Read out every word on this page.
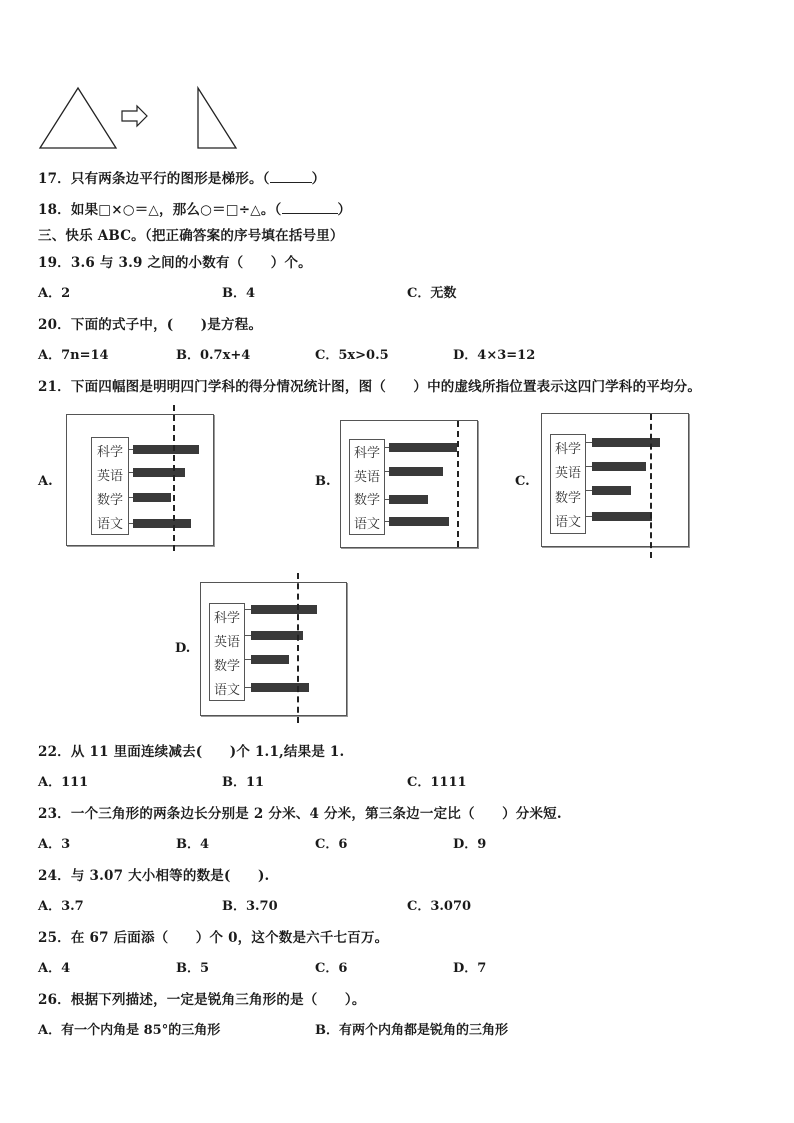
17．只有两条边平行的图形是梯形。（	）
18．如果□×○＝△，那么○＝□÷△。（	）
三、快乐 ABC。（把正确答案的序号填在括号里）
19．3.6 与 3.9 之间的小数有（　　）个。
A．2	B．4	C．无数
20．下面的式子中，(　　)是方程。
A．7n=14	B．0.7x+4	C．5x>0.5	D．4×3=12
21．下面四幅图是明明四门学科的得分情况统计图，图（　　）中的虚线所指位置表示这四门学科的平均分。
A.
科学
英语
数学
语文
B.
科学
英语
数学
语文
C.
科学
英语
数学
语文
D.
科学
英语
数学
语文
22．从 11 里面连续减去(　　)个 1.1,结果是 1.
A．111	B．11	C．1111
23．一个三角形的两条边长分别是 2 分米、4 分米，第三条边一定比（　　）分米短.
A．3	B．4	C．6	D．9
24．与 3.07 大小相等的数是(　　).
A．3.7	B．3.70	C．3.070
25．在 67 后面添（　　）个 0，这个数是六千七百万。
A．4	B．5	C．6	D．7
26．根据下列描述，一定是锐角三角形的是（　　）。
A．有一个内角是 85°的三角形	B．有两个内角都是锐角的三角形
